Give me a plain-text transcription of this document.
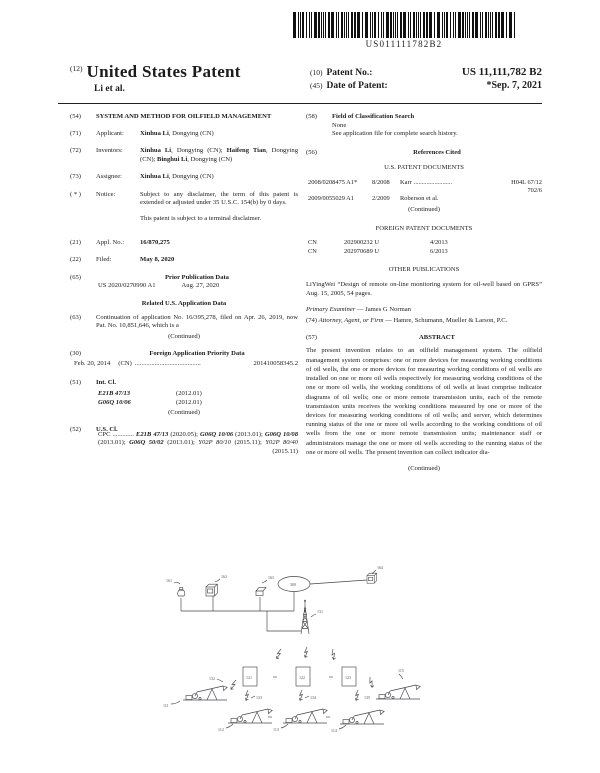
US011111782B2
$^{(12)}$ United States Patent
Li et al.
(10) Patent No.:	US 11,111,782 B2
(45) Date of Patent:	*Sep. 7, 2021
(54)	SYSTEM AND METHOD FOR OILFIELD MANAGEMENT
(71)	Applicant:	Xinhua Li, Dongying (CN)
(72)	Inventors:	Xinhua Li, Dongying (CN); Haifeng Tian, Dongying (CN); Binghui Li, Dongying (CN)
(73)	Assignee:	Xinhua Li, Dongying (CN)
( * )	Notice:	Subject to any disclaimer, the term of this patent is extended or adjusted under 35 U.S.C. 154(b) by 0 days.

This patent is subject to a terminal disclaimer.

(21)	Appl. No.:	16/870,275
(22)	Filed:	May 8, 2020
(65)	Prior Publication Data
US 2020/0270990 A1	Aug. 27, 2020
Related U.S. Application Data
(63)	Continuation of application No. 16/395,278, filed on Apr. 26, 2019, now Pat. No. 10,851,646, which is a
(Continued)
(30)	Foreign Application Priority Data
Feb. 20, 2014 (CN) ........................................	201410058345.2
(51)	Int. Cl.
E21B 47/13	(2012.01)
G06Q 10/06	(2012.01)
(Continued)
(52)	U.S. Cl.
CPC ............. E21B 47/13 (2020.05); G06Q 10/06 (2013.01); G06Q 10/08 (2013.01); G06Q 50/02 (2013.01); Y02P 80/10 (2015.11); Y02P 80/40 (2015.11)
(58)	Field of Classification Search
None
See application file for complete search history.
(56)	References Cited
U.S. PATENT DOCUMENTS
2008/0208475 A1*	8/2008	Karr ........................	H04L 67/12
702/6
2009/0055029 A1	2/2009	Roberson et al.
(Continued)
FOREIGN PATENT DOCUMENTS
CN	202900232 U	4/2013
CN	202970689 U	6/2013
OTHER PUBLICATIONS
LiYingWei “Design of remote on-line monitoring system for oil-well based on GPRS” Aug. 15, 2005, 54 pages.
Primary Examiner — James G Norman
(74) Attorney, Agent, or Firm — Hamre, Schumann, Mueller & Larson, P.C.
(57)	ABSTRACT
The present invention relates to an oilfield management system. The oilfield management system comprises: one or more devices for measuring working conditions of oil wells, the one or more devices for measuring working conditions of oil wells are installed on one or more oil wells respectively for measuring working conditions of the one or more oil wells, the working conditions of oil wells at least comprise indicator diagrams of oil wells; one or more remote transmission units, each of the remote transmission units receives the working conditions measured by one or more of the devices for measuring working conditions of oil wells; and server, which determines running status of the one or more oil wells according to the working conditions of oil wells from the one or more remote transmission units; maintenance staff or administrators manage the one or more oil wells according to the running status of the one or more oil wells. The present invention can collect indicator dia-
(Continued)
161
162	163
300
164
131
121	122	123
132
133	134	135
111
112	113	114
115
